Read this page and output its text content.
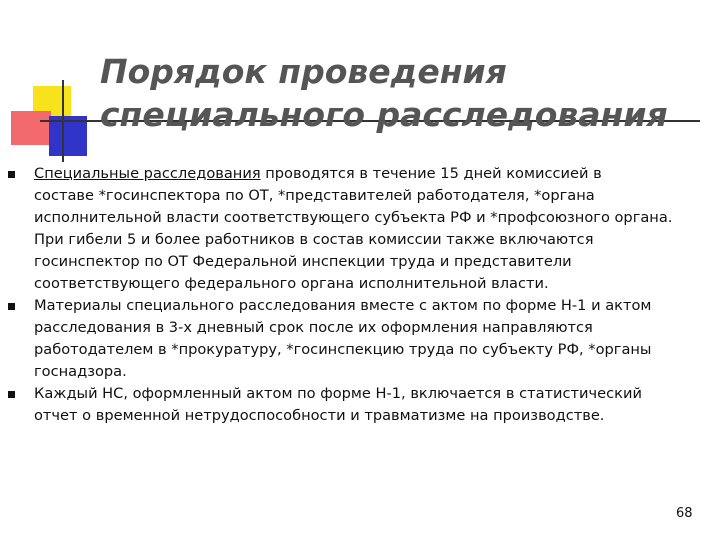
Порядок проведения
специального расследования
Специальные расследования проводятся в течение 15 дней комиссией в
составе *госинспектора по ОТ, *представителей работодателя, *органа
исполнительной власти соответствующего субъекта РФ и *профсоюзного органа.
При гибели 5 и более работников в состав комиссии также включаются
госинспектор по ОТ Федеральной инспекции труда и представители
соответствующего федерального органа исполнительной власти.
Материалы специального расследования вместе с актом по форме Н-1 и актом
расследования в 3-х дневный срок после их оформления направляются
работодателем в *прокуратуру, *госинспекцию труда по субъекту РФ, *органы
госнадзора.
Каждый НС, оформленный актом по форме Н-1, включается в статистический
отчет о временной нетрудоспособности и травматизме на производстве.
68
